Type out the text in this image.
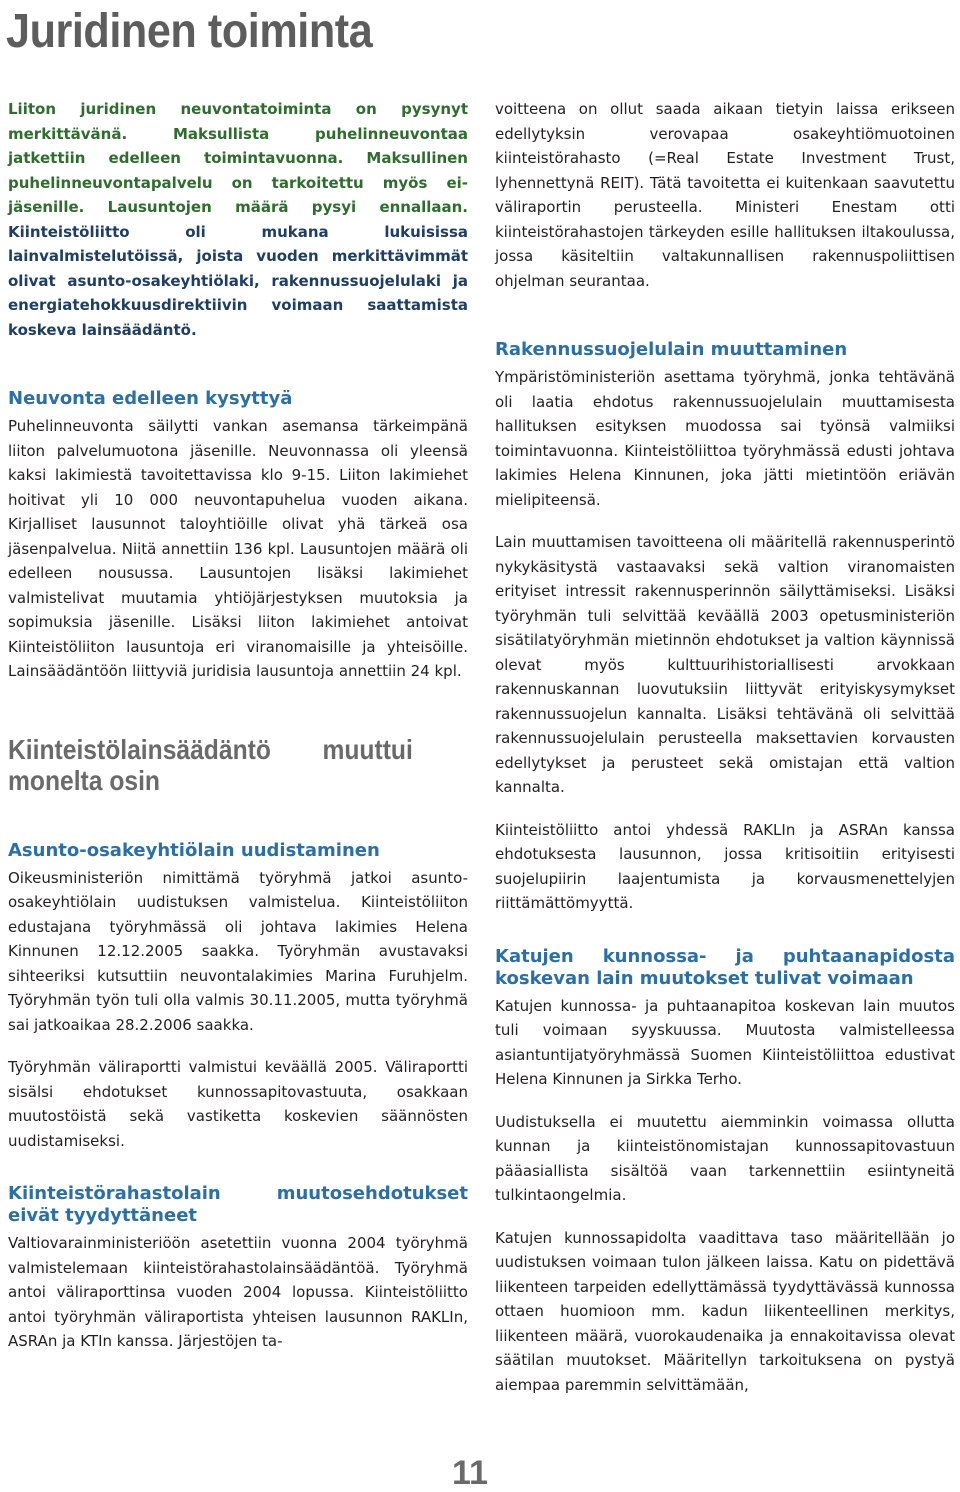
Juridinen toiminta

Liiton juridinen neuvontatoiminta on pysynyt merkittävänä. Maksullista puhelinneuvontaa jatkettiin edelleen toimintavuonna. Maksullinen puhelinneuvontapalvelu on tarkoitettu myös ei-jäsenille. Lausuntojen määrä pysyi ennallaan. Kiinteistöliitto oli mukana lukuisissa lainvalmistelutöissä, joista vuoden merkittävimmät olivat asunto-osakeyhtiölaki, rakennussuojelulaki ja energiatehokkuusdirektiivin voimaan saattamista koskeva lainsäädäntö.

Neuvonta edelleen kysyttyä

Puhelinneuvonta säilytti vankan asemansa tärkeimpänä liiton palvelumuotona jäsenille. Neuvonnassa oli yleensä kaksi lakimiestä tavoitettavissa klo 9-15. Liiton lakimiehet hoitivat yli 10 000 neuvontapuhelua vuoden aikana. Kirjalliset lausunnot taloyhtiöille olivat yhä tärkeä osa jäsenpalvelua. Niitä annettiin 136 kpl. Lausuntojen määrä oli edelleen nousussa. Lausuntojen lisäksi lakimiehet valmistelivat muutamia yhtiöjärjestyksen muutoksia ja sopimuksia jäsenille. Lisäksi liiton lakimiehet antoivat Kiinteistöliiton lausuntoja eri viranomaisille ja yhteisöille. Lainsäädäntöön liittyviä juridisia lausuntoja annettiin 24 kpl.

Kiinteistölainsäädäntö muuttui monelta osin
Asunto-osakeyhtiölain uudistaminen

Oikeusministeriön nimittämä työryhmä jatkoi asunto-osakeyhtiölain uudistuksen valmistelua. Kiinteistöliiton edustajana työryhmässä oli johtava lakimies Helena Kinnunen 12.12.2005 saakka. Työryhmän avustavaksi sihteeriksi kutsuttiin neuvontalakimies Marina Furuhjelm. Työryhmän työn tuli olla valmis 30.11.2005, mutta työryhmä sai jatkoaikaa 28.2.2006 saakka.

Työryhmän väliraportti valmistui keväällä 2005. Väliraportti sisälsi ehdotukset kunnossapitovastuuta, osakkaan muutostöistä sekä vastiketta koskevien säännösten uudistamiseksi.

Kiinteistörahastolain muutosehdotukset eivät tyydyttäneet

Valtiovarainministeriöön asetettiin vuonna 2004 työryhmä valmistelemaan kiinteistörahastolainsäädäntöä. Työryhmä antoi väliraporttinsa vuoden 2004 lopussa. Kiinteistöliitto antoi työryhmän väliraportista yhteisen lausunnon RAKLIn, ASRAn ja KTIn kanssa. Järjestöjen ta-

voitteena on ollut saada aikaan tietyin laissa erikseen edellytyksin verovapaa osakeyhtiömuotoinen kiinteistörahasto (=Real Estate Investment Trust, lyhennettynä REIT). Tätä tavoitetta ei kuitenkaan saavutettu väliraportin perusteella. Ministeri Enestam otti kiinteistörahastojen tärkeyden esille hallituksen iltakoulussa, jossa käsiteltiin valtakunnallisen rakennuspoliittisen ohjelman seurantaa.

Rakennussuojelulain muuttaminen

Ympäristöministeriön asettama työryhmä, jonka tehtävänä oli laatia ehdotus rakennussuojelulain muuttamisesta hallituksen esityksen muodossa sai työnsä valmiiksi toimintavuonna. Kiinteistöliittoa työryhmässä edusti johtava lakimies Helena Kinnunen, joka jätti mietintöön eriävän mielipiteensä.

Lain muuttamisen tavoitteena oli määritellä rakennusperintö nykykäsitystä vastaavaksi sekä valtion viranomaisten erityiset intressit rakennusperinnön säilyttämiseksi. Lisäksi työryhmän tuli selvittää keväällä 2003 opetusministeriön sisätilatyöryhmän mietinnön ehdotukset ja valtion käynnissä olevat myös kulttuurihistoriallisesti arvokkaan rakennuskannan luovutuksiin liittyvät erityiskysymykset rakennussuojelun kannalta. Lisäksi tehtävänä oli selvittää rakennussuojelulain perusteella maksettavien korvausten edellytykset ja perusteet sekä omistajan että valtion kannalta.

Kiinteistöliitto antoi yhdessä RAKLIn ja ASRAn kanssa ehdotuksesta lausunnon, jossa kritisoitiin erityisesti suojelupiirin laajentumista ja korvausmenettelyjen riittämättömyyttä.

Katujen kunnossa- ja puhtaanapidosta koskevan lain muutokset tulivat voimaan

Katujen kunnossa- ja puhtaanapitoa koskevan lain muutos tuli voimaan syyskuussa. Muutosta valmistelleessa asiantuntijatyöryhmässä Suomen Kiinteistöliittoa edustivat Helena Kinnunen ja Sirkka Terho.

Uudistuksella ei muutettu aiemminkin voimassa ollutta kunnan ja kiinteistönomistajan kunnossapitovastuun pääasiallista sisältöä vaan tarkennettiin esiintyneitä tulkintaongelmia.

Katujen kunnossapidolta vaadittava taso määritellään jo uudistuksen voimaan tulon jälkeen laissa. Katu on pidettävä liikenteen tarpeiden edellyttämässä tyydyttävässä kunnossa ottaen huomioon mm. kadun liikenteellinen merkitys, liikenteen määrä, vuorokaudenaika ja ennakoitavissa olevat säätilan muutokset. Määritellyn tarkoituksena on pystyä aiempaa paremmin selvittämään,

11
